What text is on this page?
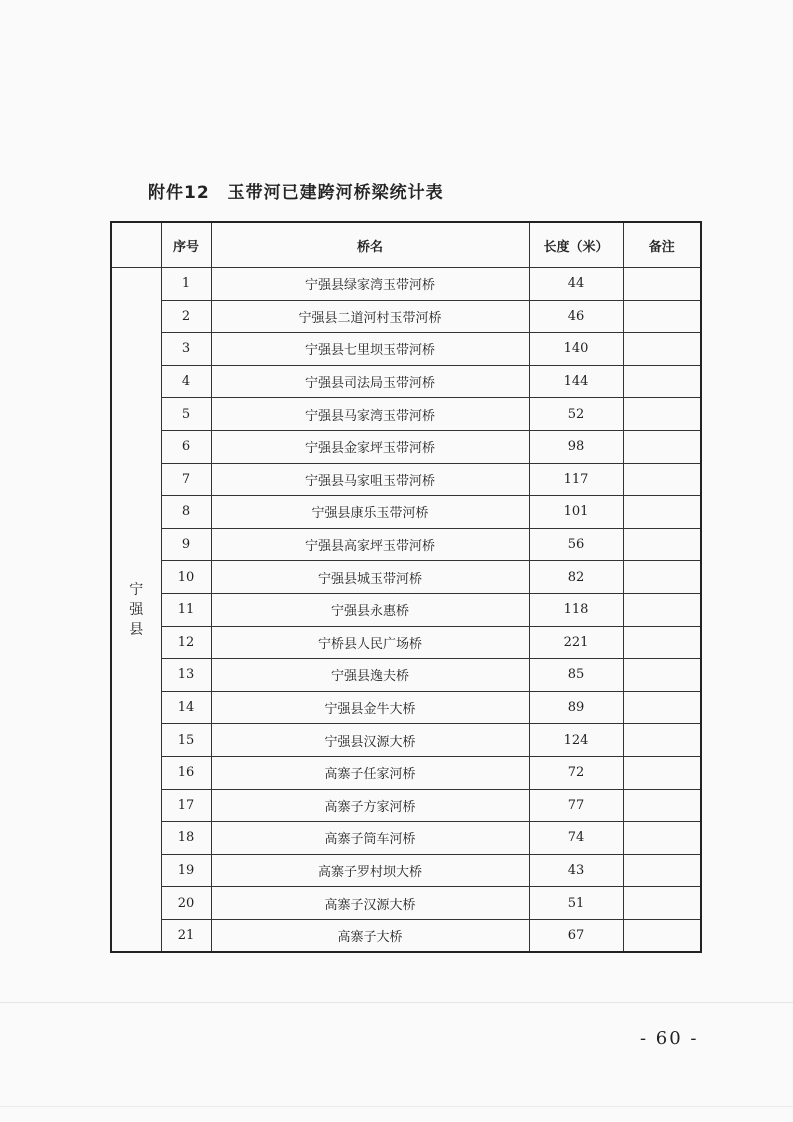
附件12 玉带河已建跨河桥梁统计表
	序号	桥名	长度（米）	备注

宁强县	1	宁强县绿家湾玉带河桥	44	
	2	宁强县二道河村玉带河桥	46	
	3	宁强县七里坝玉带河桥	140	
	4	宁强县司法局玉带河桥	144	
	5	宁强县马家湾玉带河桥	52	
	6	宁强县金家坪玉带河桥	98	
	7	宁强县马家咀玉带河桥	117	
	8	宁强县康乐玉带河桥	101	
	9	宁强县高家坪玉带河桥	56	
	10	宁强县城玉带河桥	82	
	11	宁强县永惠桥	118	
	12	宁桥县人民广场桥	221	
	13	宁强县逸夫桥	85	
	14	宁强县金牛大桥	89	
	15	宁强县汉源大桥	124	
	16	高寨子任家河桥	72	
	17	高寨子方家河桥	77	
	18	高寨子筒车河桥	74	
	19	高寨子罗村坝大桥	43	
	20	高寨子汉源大桥	51	
	21	高寨子大桥	67	
- 60 -
